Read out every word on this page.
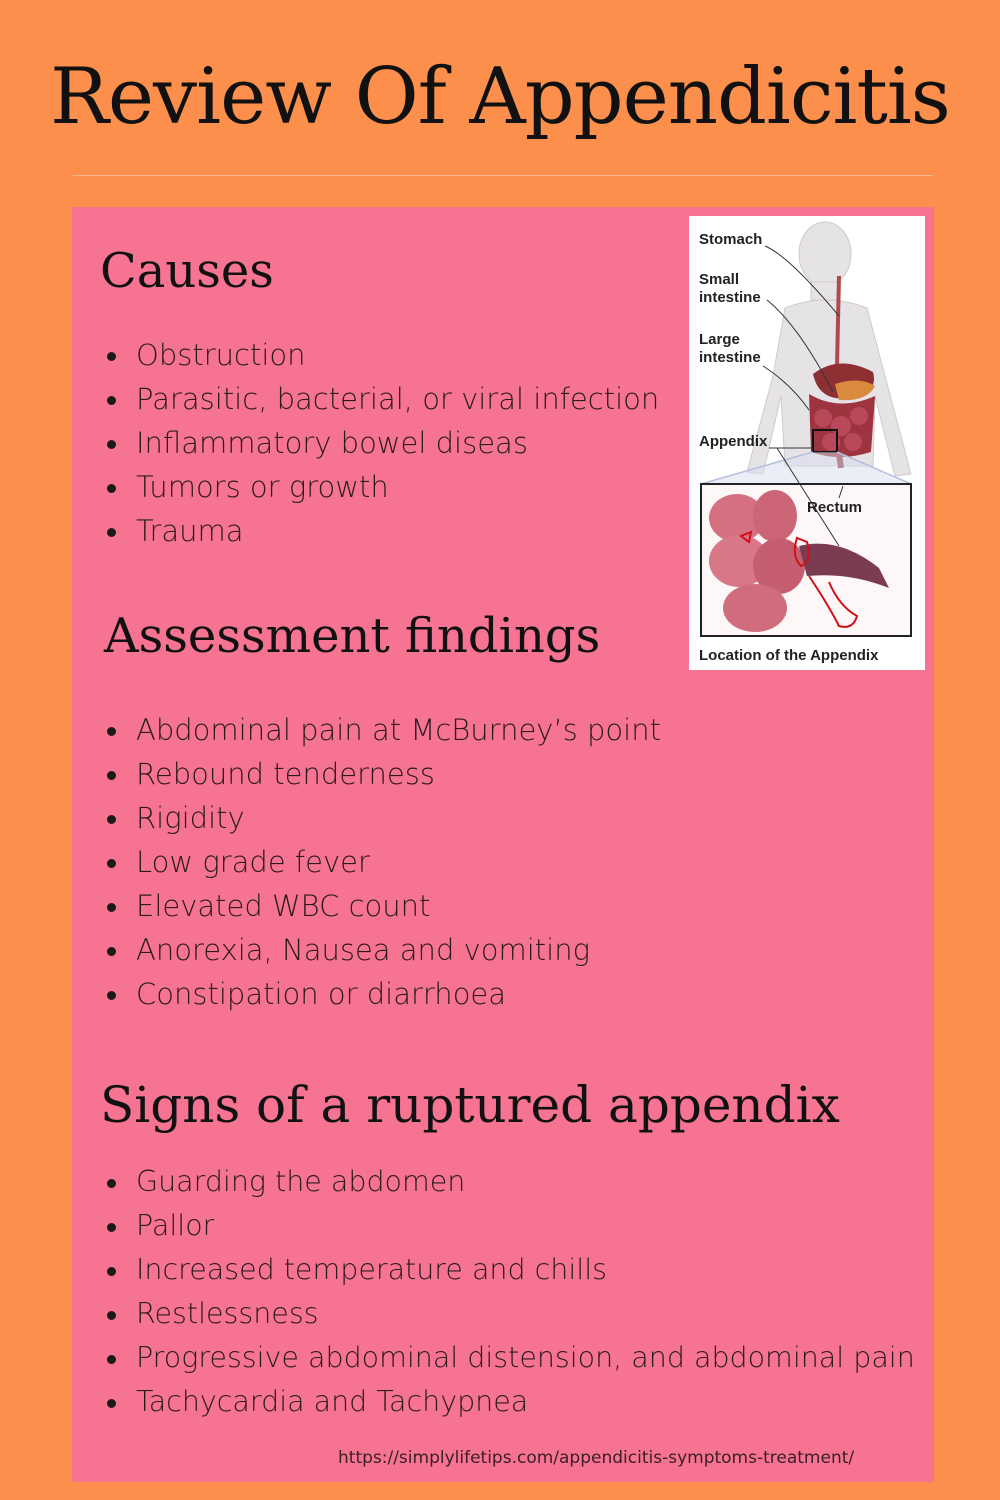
Review Of Appendicitis
Causes
Obstruction
Parasitic, bacterial, or viral infection
Inflammatory bowel diseas
Tumors or growth
Trauma
Assessment findings
Abdominal pain at McBurney’s point
Rebound tenderness
Rigidity
Low grade fever
Elevated WBC count
Anorexia, Nausea and vomiting
Constipation or diarrhoea
Signs of a ruptured appendix
Guarding the abdomen
Pallor
Increased temperature and chills
Restlessness
Progressive abdominal distension, and abdominal pain
Tachycardia and Tachypnea
Stomach
Small
intestine
Large
intestine
Appendix
Rectum
Location of the Appendix
https://simplylifetips.com/appendicitis-symptoms-treatment/
